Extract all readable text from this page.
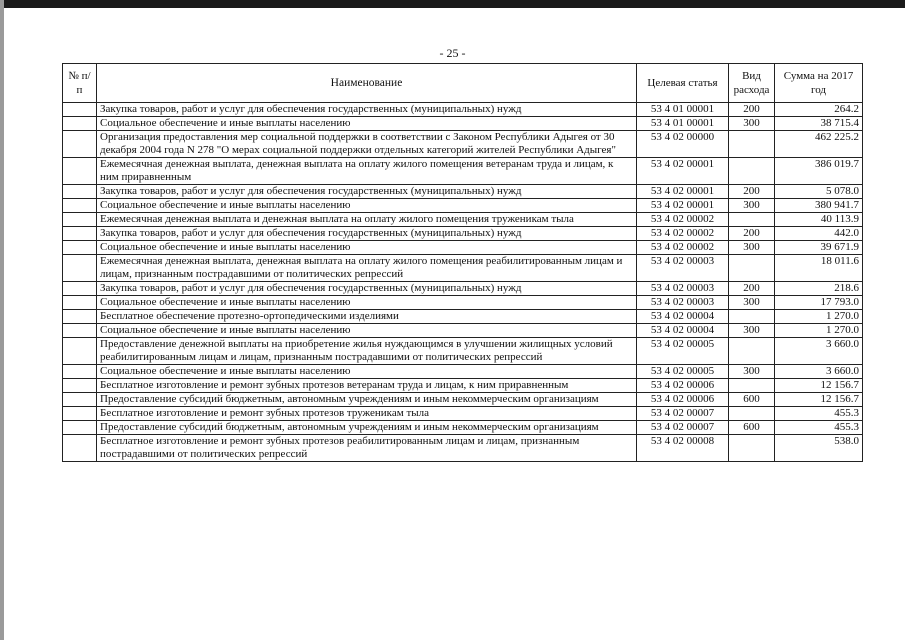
- 25 -
№ п/п	Наименование	Целевая статья	Вид расхода	Сумма на 2017 год
	Закупка товаров, работ и услуг для обеспечения государственных (муниципальных) нужд	53 4 01 00001	200	264.2
	Социальное обеспечение и иные выплаты населению	53 4 01 00001	300	38 715.4
	Организация предоставления мер социальной поддержки в соответствии с Законом Республики Адыгея от 30 декабря 2004 года N 278 "О мерах социальной поддержки отдельных категорий жителей Республики Адыгея"	53 4 02 00000		462 225.2
	Ежемесячная денежная выплата, денежная выплата на оплату жилого помещения ветеранам труда и лицам, к ним приравненным	53 4 02 00001		386 019.7
	Закупка товаров, работ и услуг для обеспечения государственных (муниципальных) нужд	53 4 02 00001	200	5 078.0
	Социальное обеспечение и иные выплаты населению	53 4 02 00001	300	380 941.7
	Ежемесячная денежная выплата и денежная выплата на оплату жилого помещения труженикам тыла	53 4 02 00002		40 113.9
	Закупка товаров, работ и услуг для обеспечения государственных (муниципальных) нужд	53 4 02 00002	200	442.0
	Социальное обеспечение и иные выплаты населению	53 4 02 00002	300	39 671.9
	Ежемесячная денежная выплата, денежная выплата на оплату жилого помещения реабилитированным лицам и лицам, признанным пострадавшими от политических репрессий	53 4 02 00003		18 011.6
	Закупка товаров, работ и услуг для обеспечения государственных (муниципальных) нужд	53 4 02 00003	200	218.6
	Социальное обеспечение и иные выплаты населению	53 4 02 00003	300	17 793.0
	Бесплатное обеспечение протезно-ортопедическими изделиями	53 4 02 00004		1 270.0
	Социальное обеспечение и иные выплаты населению	53 4 02 00004	300	1 270.0
	Предоставление денежной выплаты на приобретение жилья нуждающимся в улучшении жилищных условий реабилитированным лицам и лицам, признанным пострадавшими от политических репрессий	53 4 02 00005		3 660.0
	Социальное обеспечение и иные выплаты населению	53 4 02 00005	300	3 660.0
	Бесплатное изготовление и ремонт зубных протезов ветеранам труда и лицам, к ним приравненным	53 4 02 00006		12 156.7
	Предоставление субсидий бюджетным, автономным учреждениям и иным некоммерческим организациям	53 4 02 00006	600	12 156.7
	Бесплатное изготовление и ремонт зубных протезов труженикам тыла	53 4 02 00007		455.3
	Предоставление субсидий бюджетным, автономным учреждениям и иным некоммерческим организациям	53 4 02 00007	600	455.3
	Бесплатное изготовление и ремонт зубных протезов реабилитированным лицам и лицам, признанным пострадавшими от политических репрессий	53 4 02 00008		538.0
